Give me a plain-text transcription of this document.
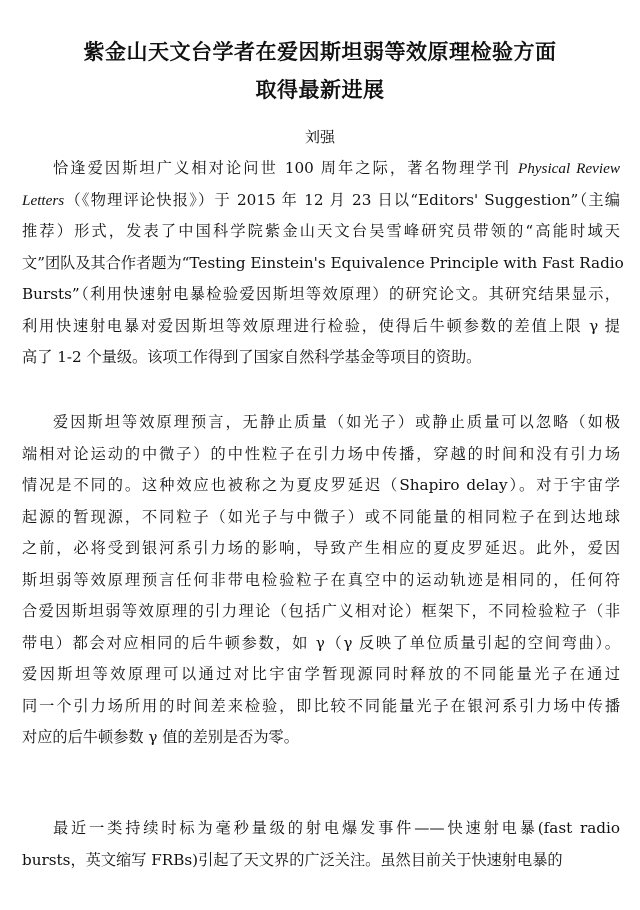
紫金山天文台学者在爱因斯坦弱等效原理检验方面
取得最新进展
刘强
恰逢爱因斯坦广义相对论问世 100 周年之际，著名物理学刊 Physical Review
Letters（《物理评论快报》）于 2015 年 12 月 23 日以“Editors' Suggestion”（主编
推荐）形式，发表了中国科学院紫金山天文台吴雪峰研究员带领的“高能时域天
文”团队及其合作者题为“Testing Einstein's Equivalence Principle with Fast Radio
Bursts”（利用快速射电暴检验爱因斯坦等效原理）的研究论文。其研究结果显示，
利用快速射电暴对爱因斯坦等效原理进行检验，使得后牛顿参数的差值上限 γ 提
高了 1-2 个量级。该项工作得到了国家自然科学基金等项目的资助。
爱因斯坦等效原理预言，无静止质量（如光子）或静止质量可以忽略（如极
端相对论运动的中微子）的中性粒子在引力场中传播，穿越的时间和没有引力场
情况是不同的。这种效应也被称之为夏皮罗延迟（Shapiro delay）。对于宇宙学
起源的暂现源，不同粒子（如光子与中微子）或不同能量的相同粒子在到达地球
之前，必将受到银河系引力场的影响，导致产生相应的夏皮罗延迟。此外，爱因
斯坦弱等效原理预言任何非带电检验粒子在真空中的运动轨迹是相同的，任何符
合爱因斯坦弱等效原理的引力理论（包括广义相对论）框架下，不同检验粒子（非
带电）都会对应相同的后牛顿参数，如 γ（γ 反映了单位质量引起的空间弯曲）。
爱因斯坦等效原理可以通过对比宇宙学暂现源同时释放的不同能量光子在通过
同一个引力场所用的时间差来检验，即比较不同能量光子在银河系引力场中传播
对应的后牛顿参数 γ 值的差别是否为零。
最近一类持续时标为毫秒量级的射电爆发事件——快速射电暴(fast radio
bursts，英文缩写 FRBs)引起了天文界的广泛关注。虽然目前关于快速射电暴的
